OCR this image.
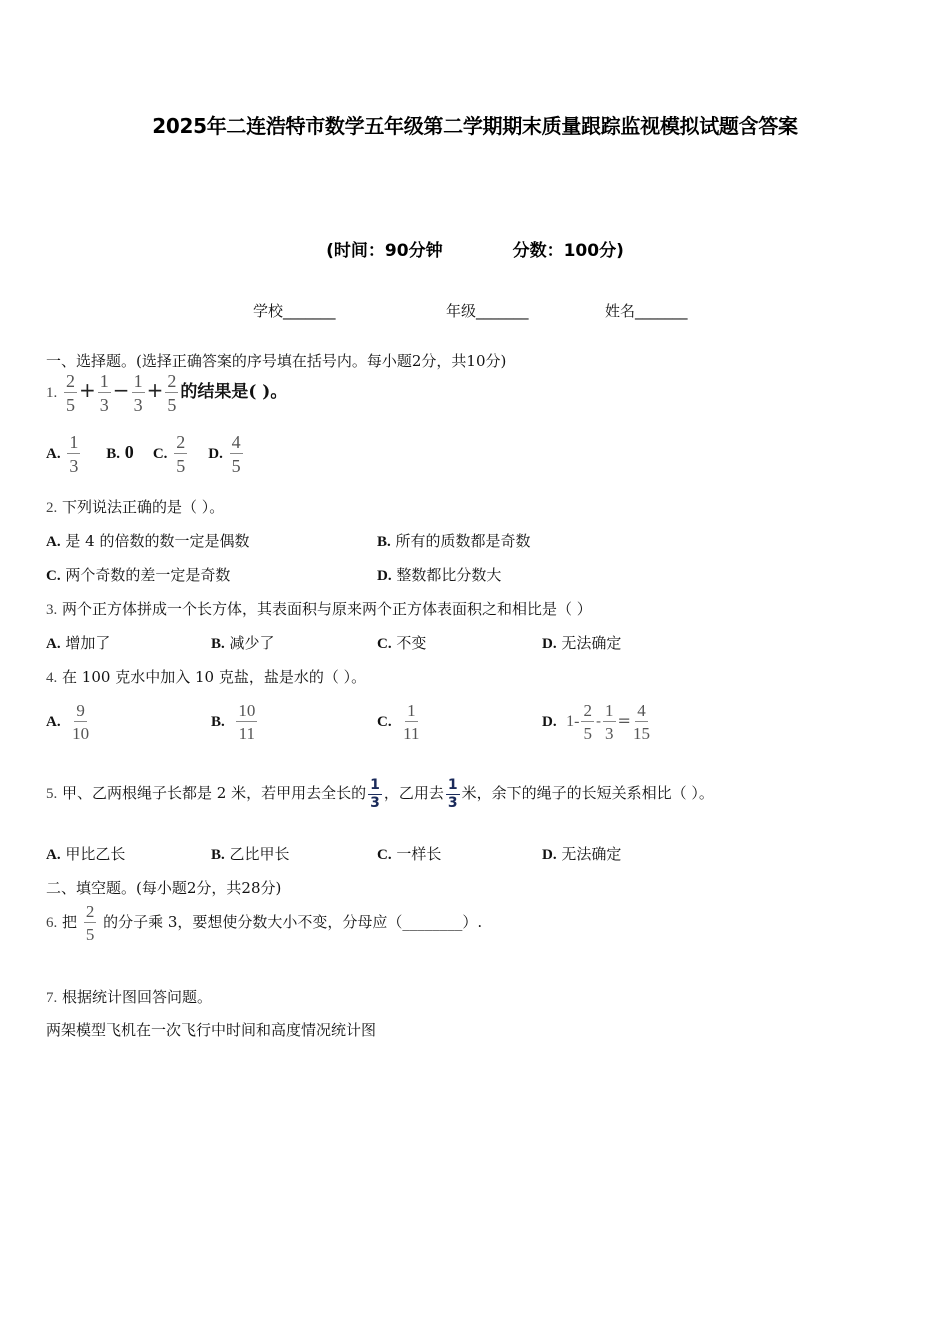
2025年二连浩特市数学五年级第二学期期末质量跟踪监视模拟试题含答案
(时间：90分钟	分数：100分)
学校_______	年级_______	姓名_______
一、选择题。(选择正确答案的序号填在括号内。每小题2分，共10分)
1. $\frac{2}{5} + \frac{1}{3} - \frac{1}{3} + \frac{2}{5}$ 的结果是( )。
A. $\frac{1}{3} B$. 0 C. $\frac{2}{5} D$. $\frac{4}{5}$
2. 下列说法正确的是（ ）。
A. 是 4 的倍数的数一定是偶数	B. 所有的质数都是奇数
C. 两个奇数的差一定是奇数	D. 整数都比分数大
3. 两个正方体拼成一个长方体，其表面积与原来两个正方体表面积之和相比是（ ）
A. 增加了	B. 减少了	C. 不变	D. 无法确定
4. 在 100 克水中加入 10 克盐，盐是水的（ ）。
A. $\frac{9}{10}$	B. $\frac{10}{11}$	C. $\frac{1}{11}$	D. $1- \frac{2}{5} - \frac{1}{3} = \frac{4}{15}$
5. 甲、乙两根绳子长都是 2 米，若甲用去全长的 $\frac{1}{3}$ ，乙用去 $\frac{1}{3}$ 米，余下的绳子的长短关系相比（ ）。
A. 甲比乙长	B. 乙比甲长	C. 一样长	D. 无法确定
二、填空题。(每小题2分，共28分)
6. 把 $\frac{2}{5}$ 的分子乘 3，要想使分数大小不变，分母应（________）.
7. 根据统计图回答问题。
两架模型飞机在一次飞行中时间和高度情况统计图
